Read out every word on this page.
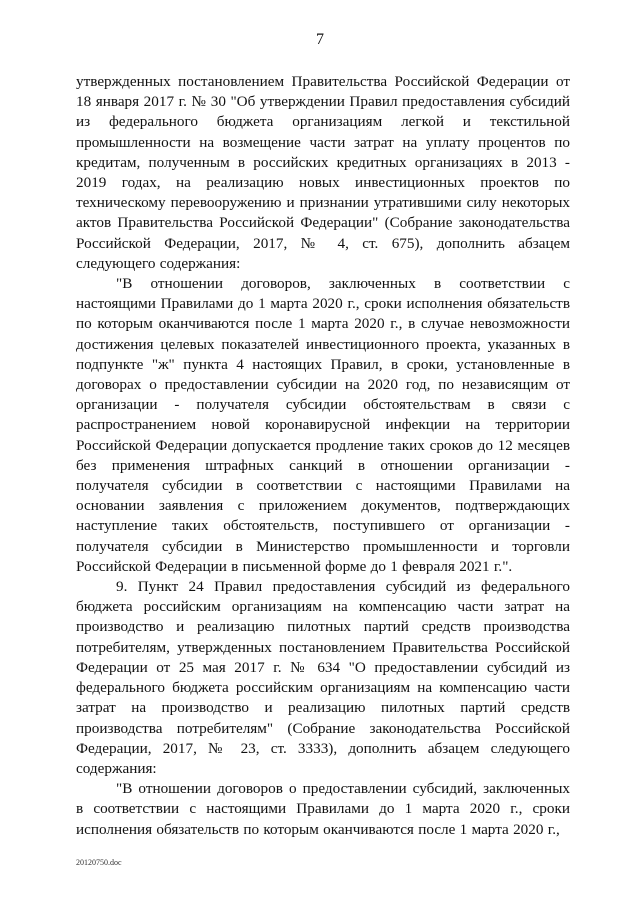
7

утвержденных постановлением Правительства Российской Федерации от 18 января 2017 г. № 30 "Об утверждении Правил предоставления субсидий из федерального бюджета организациям легкой и текстильной промышленности на возмещение части затрат на уплату процентов по кредитам, полученным в российских кредитных организациях в 2013 - 2019 годах, на реализацию новых инвестиционных проектов по техническому перевооружению и признании утратившими силу некоторых актов Правительства Российской Федерации" (Собрание законодательства Российской Федерации, 2017, № 4, ст. 675), дополнить абзацем следующего содержания:

"В отношении договоров, заключенных в соответствии с настоящими Правилами до 1 марта 2020 г., сроки исполнения обязательств по которым оканчиваются после 1 марта 2020 г., в случае невозможности достижения целевых показателей инвестиционного проекта, указанных в подпункте "ж" пункта 4 настоящих Правил, в сроки, установленные в договорах о предоставлении субсидии на 2020 год, по независящим от организации - получателя субсидии обстоятельствам в связи с распространением новой коронавирусной инфекции на территории Российской Федерации допускается продление таких сроков до 12 месяцев без применения штрафных санкций в отношении организации - получателя субсидии в соответствии с настоящими Правилами на основании заявления с приложением документов, подтверждающих наступление таких обстоятельств, поступившего от организации - получателя субсидии в Министерство промышленности и торговли Российской Федерации в письменной форме до 1 февраля 2021 г.".

9. Пункт 24 Правил предоставления субсидий из федерального бюджета российским организациям на компенсацию части затрат на производство и реализацию пилотных партий средств производства потребителям, утвержденных постановлением Правительства Российской Федерации от 25 мая 2017 г. № 634 "О предоставлении субсидий из федерального бюджета российским организациям на компенсацию части затрат на производство и реализацию пилотных партий средств производства потребителям" (Собрание законодательства Российской Федерации, 2017, № 23, ст. 3333), дополнить абзацем следующего содержания:

"В отношении договоров о предоставлении субсидий, заключенных в соответствии с настоящими Правилами до 1 марта 2020 г., сроки исполнения обязательств по которым оканчиваются после 1 марта 2020 г.,

20120750.doc
